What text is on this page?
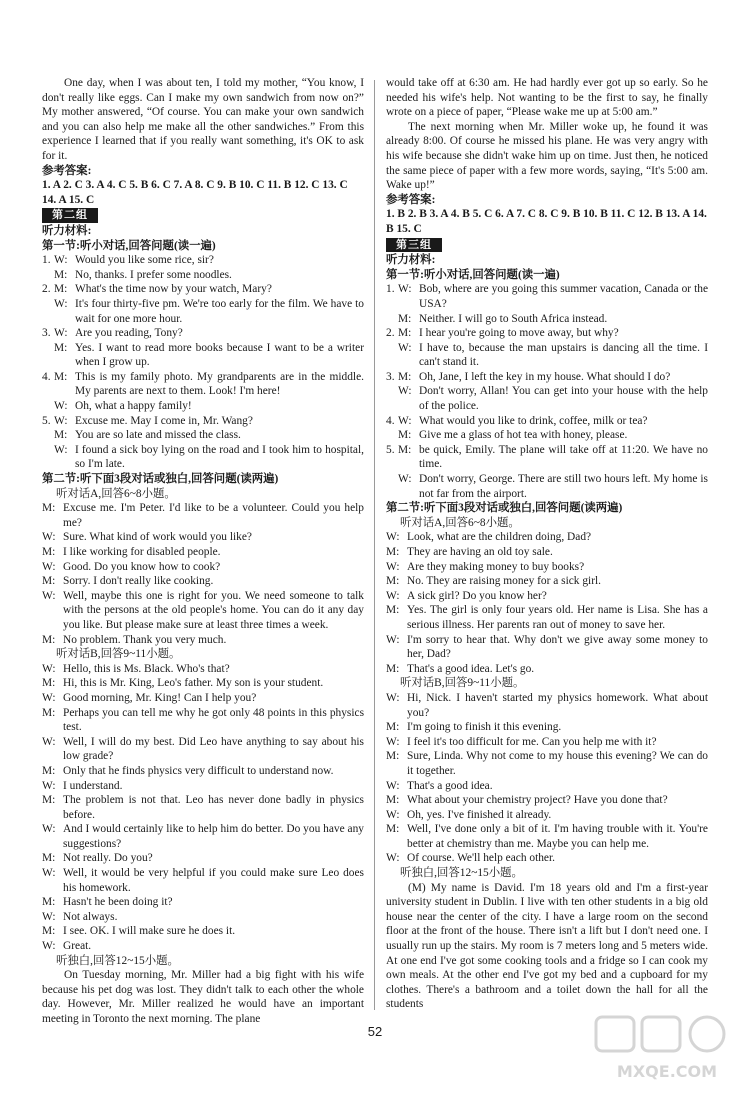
One day, when I was about ten, I told my mother, “You know, I don't really like eggs. Can I make my own sandwich from now on?” My mother answered, “Of course. You can make your own sandwich and you can also help me make all the other sandwiches.” From this experience I learned that if you really want something, it's OK to ask for it.

参考答案:

1. A 2. C 3. A 4. C 5. B 6. C 7. A 8. C 9. B 10. C 11. B 12. C 13. C 14. A 15. C

第二组

听力材料:

第一节:听小对话,回答问题(读一遍)

1. W: Would you like some rice, sir?
M: No, thanks. I prefer some noodles.
2. M: What's the time now by your watch, Mary?
W: It's four thirty-five pm. We're too early for the film. We have to wait for one more hour.
3. W: Are you reading, Tony?
M: Yes. I want to read more books because I want to be a writer when I grow up.
4. M: This is my family photo. My grandparents are in the middle. My parents are next to them. Look! I'm here!
W: Oh, what a happy family!
5. W: Excuse me. May I come in, Mr. Wang?
M: You are so late and missed the class.
W: I found a sick boy lying on the road and I took him to hospital, so I'm late.

第二节:听下面3段对话或独白,回答问题(读两遍)

听对话A,回答6~8小题。

M: Excuse me. I'm Peter. I'd like to be a volunteer. Could you help me?
W: Sure. What kind of work would you like?
M: I like working for disabled people.
W: Good. Do you know how to cook?
M: Sorry. I don't really like cooking.
W: Well, maybe this one is right for you. We need someone to talk with the persons at the old people's home. You can do it any day you like. But please make sure at least three times a week.
M: No problem. Thank you very much.

听对话B,回答9~11小题。

W: Hello, this is Ms. Black. Who's that?
M: Hi, this is Mr. King, Leo's father. My son is your student.
W: Good morning, Mr. King! Can I help you?
M: Perhaps you can tell me why he got only 48 points in this physics test.
W: Well, I will do my best. Did Leo have anything to say about his low grade?
M: Only that he finds physics very difficult to understand now.
W: I understand.
M: The problem is not that. Leo has never done badly in physics before.
W: And I would certainly like to help him do better. Do you have any suggestions?
M: Not really. Do you?
W: Well, it would be very helpful if you could make sure Leo does his homework.
M: Hasn't he been doing it?
W: Not always.
M: I see. OK. I will make sure he does it.
W: Great.

听独白,回答12~15小题。

On Tuesday morning, Mr. Miller had a big fight with his wife because his pet dog was lost. They didn't talk to each other the whole day. However, Mr. Miller realized he would have an important meeting in Toronto the next morning. The plane

would take off at 6:30 am. He had hardly ever got up so early. So he needed his wife's help. Not wanting to be the first to say, he finally wrote on a piece of paper, “Please wake me up at 5:00 am.”

The next morning when Mr. Miller woke up, he found it was already 8:00. Of course he missed his plane. He was very angry with his wife because she didn't wake him up on time. Just then, he noticed the same piece of paper with a few more words, saying, “It's 5:00 am. Wake up!”

参考答案:

1. B 2. B 3. A 4. B 5. C 6. A 7. C 8. C 9. B 10. B 11. C 12. B 13. A 14. B 15. C

第三组

听力材料:

第一节:听小对话,回答问题(读一遍)

1. W: Bob, where are you going this summer vacation, Canada or the USA?
M: Neither. I will go to South Africa instead.
2. M: I hear you're going to move away, but why?
W: I have to, because the man upstairs is dancing all the time. I can't stand it.
3. M: Oh, Jane, I left the key in my house. What should I do?
W: Don't worry, Allan! You can get into your house with the help of the police.
4. W: What would you like to drink, coffee, milk or tea?
M: Give me a glass of hot tea with honey, please.
5. M: be quick, Emily. The plane will take off at 11:20. We have no time.
W: Don't worry, George. There are still two hours left. My home is not far from the airport.

第二节:听下面3段对话或独白,回答问题(读两遍)

听对话A,回答6~8小题。

W: Look, what are the children doing, Dad?
M: They are having an old toy sale.
W: Are they making money to buy books?
M: No. They are raising money for a sick girl.
W: A sick girl? Do you know her?
M: Yes. The girl is only four years old. Her name is Lisa. She has a serious illness. Her parents ran out of money to save her.
W: I'm sorry to hear that. Why don't we give away some money to her, Dad?
M: That's a good idea. Let's go.

听对话B,回答9~11小题。

W: Hi, Nick. I haven't started my physics homework. What about you?
M: I'm going to finish it this evening.
W: I feel it's too difficult for me. Can you help me with it?
M: Sure, Linda. Why not come to my house this evening? We can do it together.
W: That's a good idea.
M: What about your chemistry project? Have you done that?
W: Oh, yes. I've finished it already.
M: Well, I've done only a bit of it. I'm having trouble with it. You're better at chemistry than me. Maybe you can help me.
W: Of course. We'll help each other.

听独白,回答12~15小题。

(M) My name is David. I'm 18 years old and I'm a first-year university student in Dublin. I live with ten other students in a big old house near the center of the city. I have a large room on the second floor at the front of the house. There isn't a lift but I don't need one. I usually run up the stairs. My room is 7 meters long and 5 meters wide. At one end I've got some cooking tools and a fridge so I can cook my own meals. At the other end I've got my bed and a cupboard for my clothes. There's a bathroom and a toilet down the hall for all the students

52
MXQE.COM
